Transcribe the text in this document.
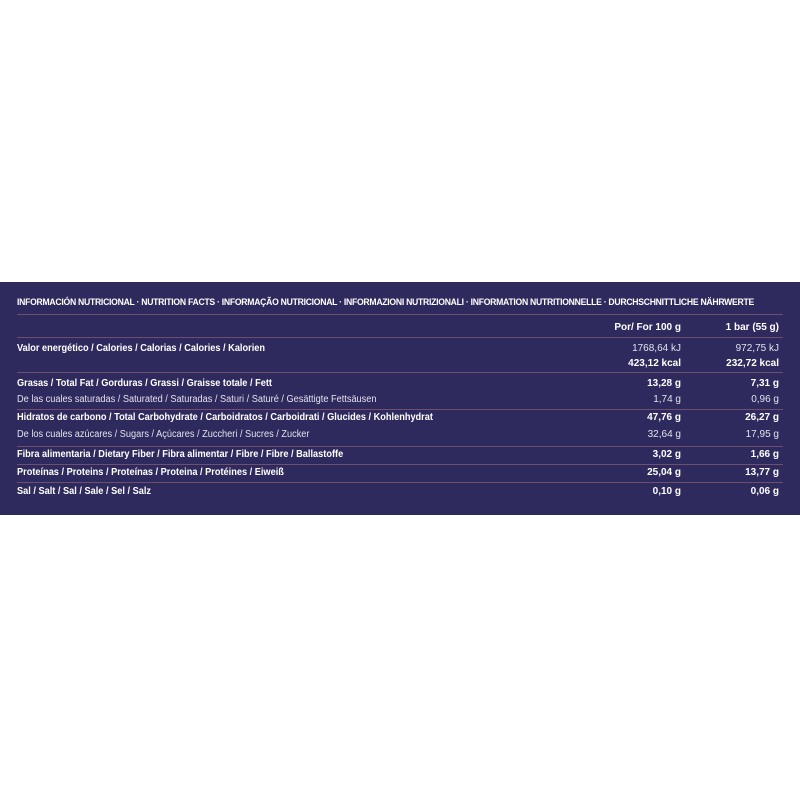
INFORMACIÓN NUTRICIONAL · NUTRITION FACTS · INFORMAÇÃO NUTRICIONAL · INFORMAZIONI NUTRIZIONALI · INFORMATION NUTRITIONNELLE · DURCHSCHNITTLICHE NÄHRWERTE
Por/ For 100 g	1 bar (55 g)
Valor energético / Calories / Calorias / Calories / Kalorien	1768,64 kJ	972,75 kJ
423,12 kcal	232,72 kcal
Grasas / Total Fat / Gorduras / Grassi / Graisse totale / Fett	13,28 g	7,31 g
De las cuales saturadas / Saturated / Saturadas / Saturi / Saturé / Gesättigte Fettsäusen	1,74 g	0,96 g
Hidratos de carbono / Total Carbohydrate / Carboidratos / Carboidrati / Glucides / Kohlenhydrat	47,76 g	26,27 g
De los cuales azúcares / Sugars / Açúcares / Zuccheri / Sucres / Zucker	32,64 g	17,95 g
Fibra alimentaria / Dietary Fiber / Fibra alimentar / Fibre / Fibre / Ballastoffe	3,02 g	1,66 g
Proteínas / Proteins / Proteínas / Proteina / Protéines / Eiweiß	25,04 g	13,77 g
Sal / Salt / Sal / Sale / Sel / Salz	0,10 g	0,06 g
